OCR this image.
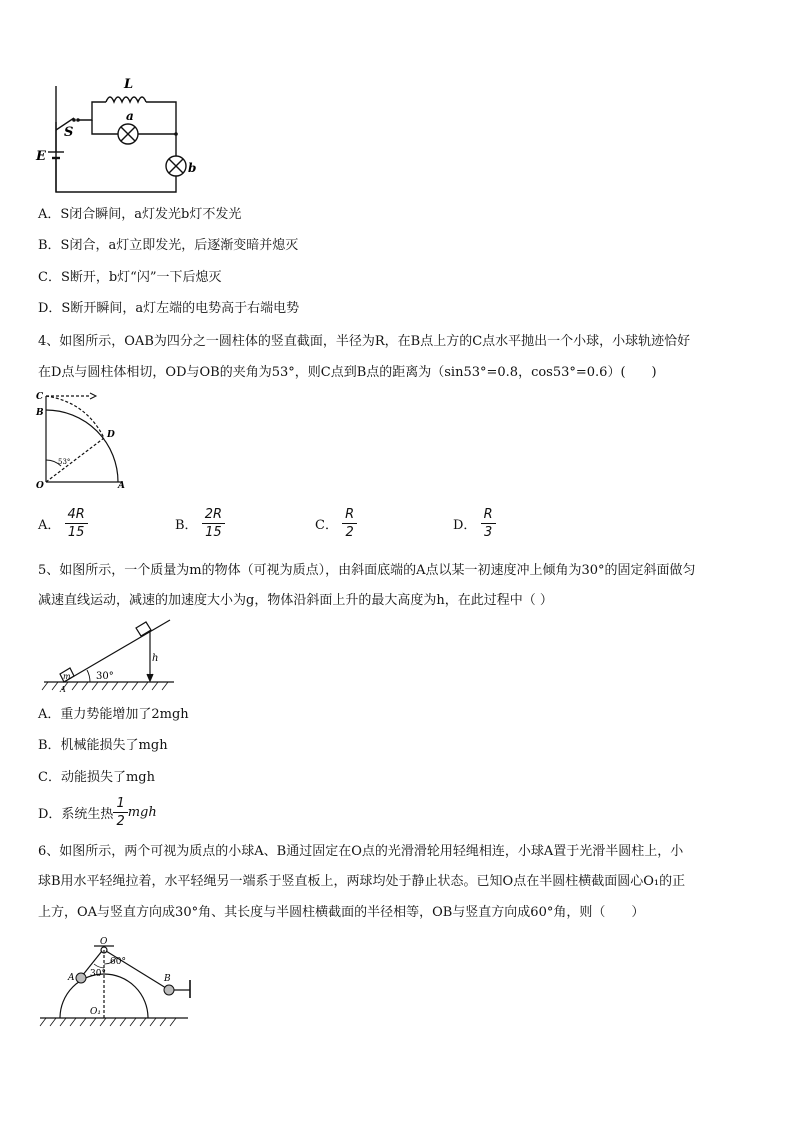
L
S
E
a
b
A．S闭合瞬间，a灯发光b灯不发光
B．S闭合，a灯立即发光，后逐渐变暗并熄灭
C．S断开，b灯“闪”一下后熄灭
D．S断开瞬间，a灯左端的电势高于右端电势
4、如图所示，OAB为四分之一圆柱体的竖直截面，半径为R，在B点上方的C点水平抛出一个小球，小球轨迹恰好
在D点与圆柱体相切，OD与OB的夹角为53°，则C点到B点的距离为（sin53°=0.8，cos53°=0.6）(　　)
C
B
D
O	A
53°
A． $\frac{4R}{15}$	B． $\frac{2R}{15}$	C． $\frac{R}{2}$	D． $\frac{R}{3}$
5、如图所示，一个质量为m的物体（可视为质点），由斜面底端的A点以某一初速度冲上倾角为30°的固定斜面做匀
减速直线运动，减速的加速度大小为g，物体沿斜面上升的最大高度为h，在此过程中（ ）
m
A
30°
h
A．重力势能增加了2mgh
B．机械能损失了mgh
C．动能损失了mgh
D．系统生热 $\frac{1}{2}$ mgh
6、如图所示，两个可视为质点的小球A、B通过固定在O点的光滑滑轮用轻绳相连，小球A置于光滑半圆柱上，小
球B用水平轻绳拉着，水平轻绳另一端系于竖直板上，两球均处于静止状态。已知O点在半圆柱横截面圆心O₁的正
上方，OA与竖直方向成30°角、其长度与半圆柱横截面的半径相等，OB与竖直方向成60°角，则（　　）
O
A	B
O₁
30°
60°
